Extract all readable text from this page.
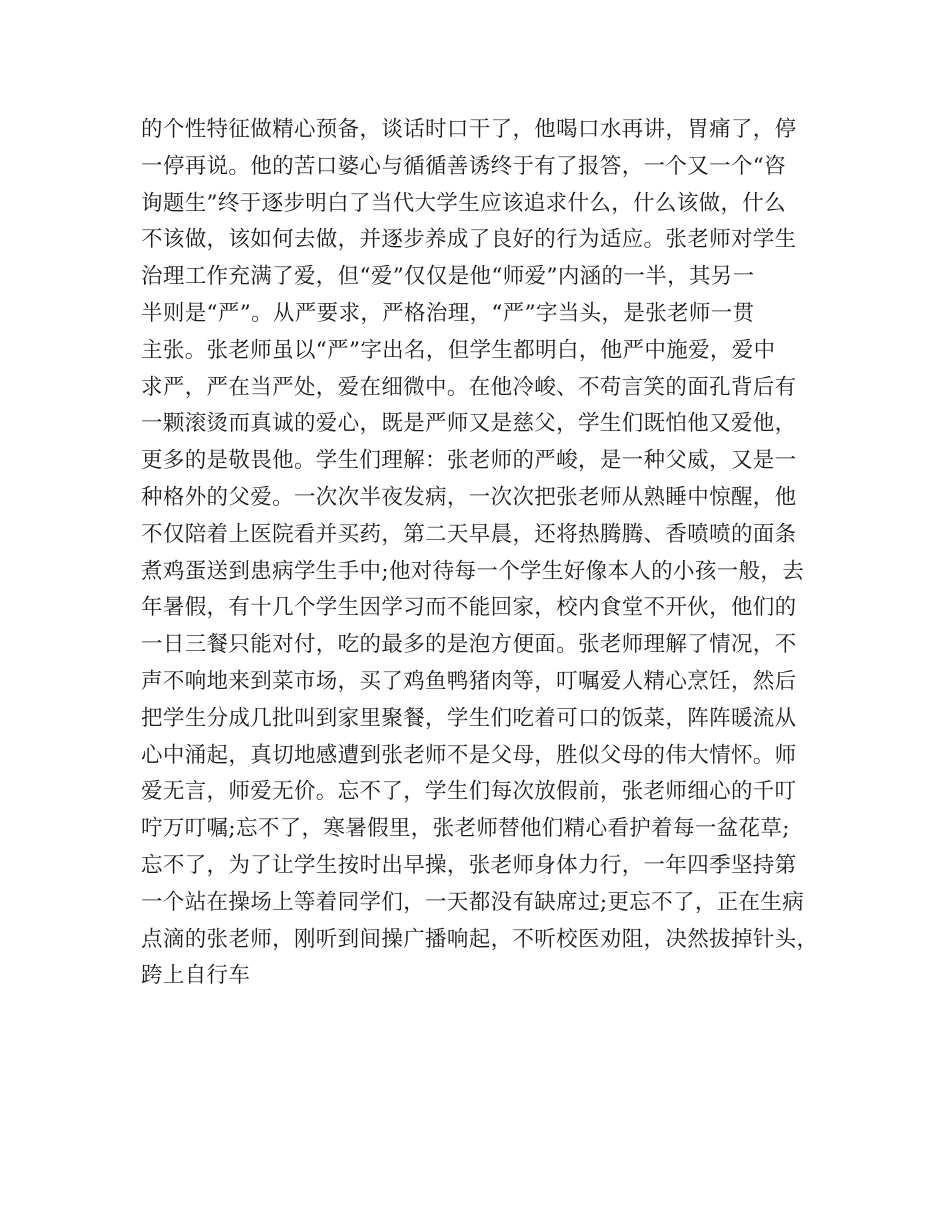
的个性特征做精心预备，谈话时口干了，他喝口水再讲，胃痛了，停
一停再说。他的苦口婆心与循循善诱终于有了报答，一个又一个“咨
询题生”终于逐步明白了当代大学生应该追求什么，什么该做，什么
不该做，该如何去做，并逐步养成了良好的行为适应。张老师对学生
治理工作充满了爱，但“爱”仅仅是他“师爱”内涵的一半，其另一
半则是“严”。从严要求，严格治理，“严”字当头，是张老师一贯
主张。张老师虽以“严”字出名，但学生都明白，他严中施爱，爱中
求严，严在当严处，爱在细微中。在他冷峻、不苟言笑的面孔背后有
一颗滚烫而真诚的爱心，既是严师又是慈父，学生们既怕他又爱他，
更多的是敬畏他。学生们理解：张老师的严峻，是一种父威，又是一
种格外的父爱。一次次半夜发病，一次次把张老师从熟睡中惊醒，他
不仅陪着上医院看并买药，第二天早晨，还将热腾腾、香喷喷的面条
煮鸡蛋送到患病学生手中;他对待每一个学生好像本人的小孩一般，去
年暑假，有十几个学生因学习而不能回家，校内食堂不开伙，他们的
一日三餐只能对付，吃的最多的是泡方便面。张老师理解了情况，不
声不响地来到菜市场，买了鸡鱼鸭猪肉等，叮嘱爱人精心烹饪，然后
把学生分成几批叫到家里聚餐，学生们吃着可口的饭菜，阵阵暖流从
心中涌起，真切地感遭到张老师不是父母，胜似父母的伟大情怀。师
爱无言，师爱无价。忘不了，学生们每次放假前，张老师细心的千叮
咛万叮嘱;忘不了，寒暑假里，张老师替他们精心看护着每一盆花草;
忘不了，为了让学生按时出早操，张老师身体力行，一年四季坚持第
一个站在操场上等着同学们，一天都没有缺席过;更忘不了，正在生病
点滴的张老师，刚听到间操广播响起，不听校医劝阻，决然拔掉针头，
跨上自行车
